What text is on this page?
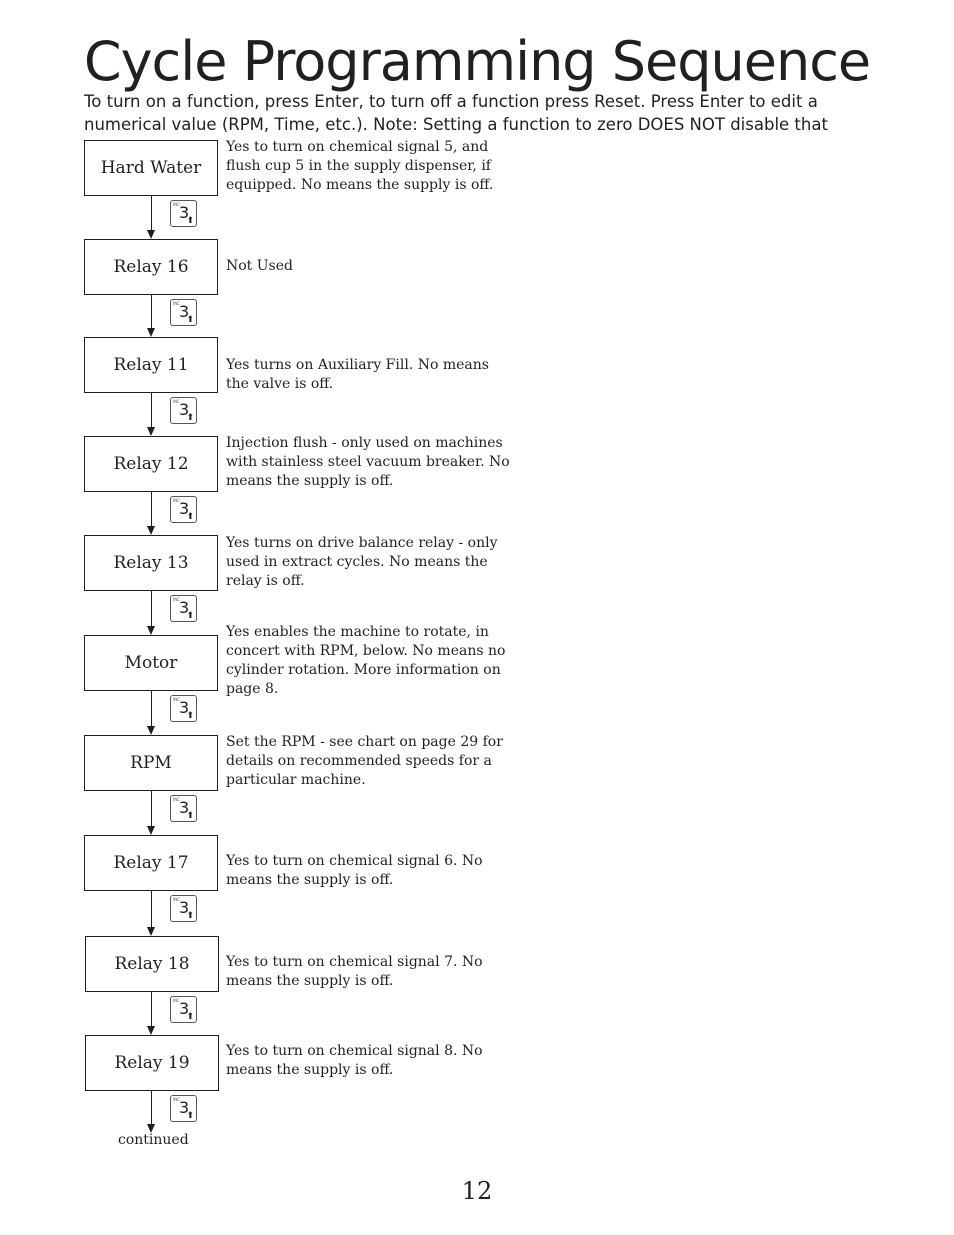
Cycle Programming Sequence

To turn on a function, press Enter, to turn off a function press Reset. Press Enter to edit a numerical value (RPM, Time, etc.). Note: Setting a function to zero DOES NOT disable that

Hard Water
Yes to turn on chemical signal 5, and flush cup 5 in the supply dispenser, if equipped. No means the supply is off.
INC 3
⬆
Relay 16	Not Used
INC 3
⬆
Relay 11	Yes turns on Auxiliary Fill. No means the valve is off.
INC 3
⬆
Relay 12
Injection flush - only used on machines with stainless steel vacuum breaker. No means the supply is off.
INC 3
⬆
Relay 13
Yes turns on drive balance relay - only used in extract cycles. No means the relay is off.
INC 3
⬆
Motor
Yes enables the machine to rotate, in concert with RPM, below. No means no cylinder rotation. More information on page 8.
INC 3
⬆
RPM
Set the RPM - see chart on page 29 for details on recommended speeds for a particular machine.
INC 3
⬆
Relay 17	Yes to turn on chemical signal 6. No means the supply is off.
INC 3
⬆
Relay 18	Yes to turn on chemical signal 7. No means the supply is off.
INC 3
⬆
Relay 19
Yes to turn on chemical signal 8. No means the supply is off.
INC 3
⬆
continued
12
